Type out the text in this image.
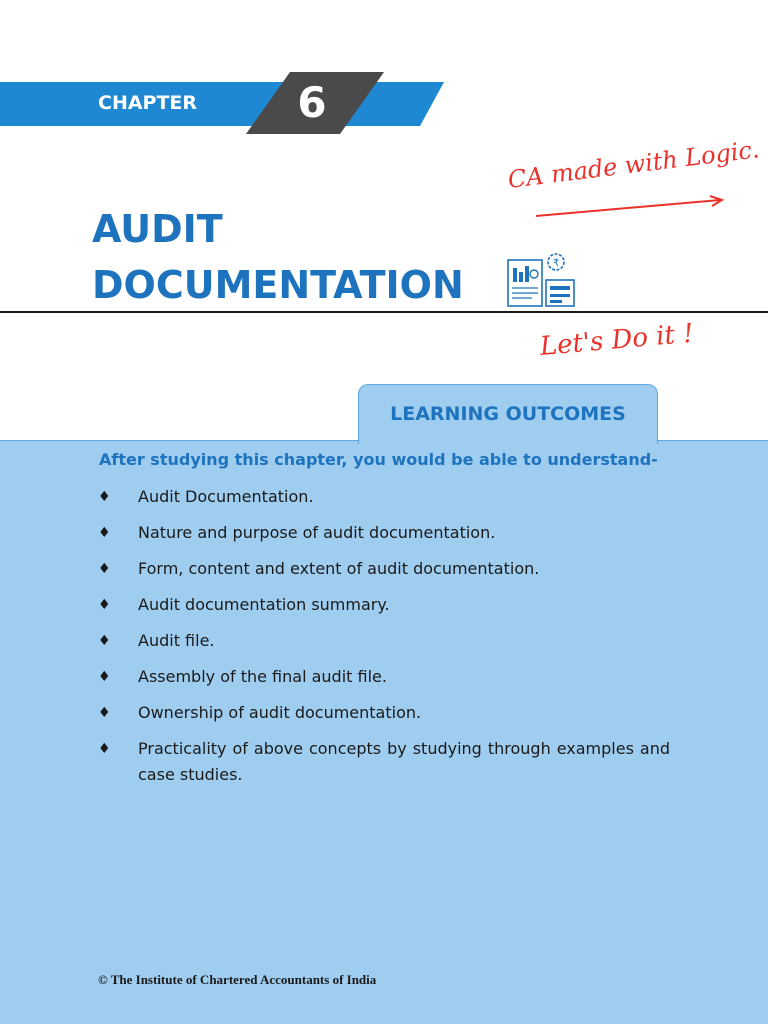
CHAPTER	6

CA made with Logic.

AUDIT
DOCUMENTATION	₹

Let's Do it !

LEARNING OUTCOMES

After studying this chapter, you would be able to understand-

♦ Audit Documentation.
♦ Nature and purpose of audit documentation.
♦ Form, content and extent of audit documentation.
♦ Audit documentation summary.
♦ Audit file.
♦ Assembly of the final audit file.
♦ Ownership of audit documentation.
♦ Practicality of above concepts by studying through examples and case studies.

© The Institute of Chartered Accountants of India
